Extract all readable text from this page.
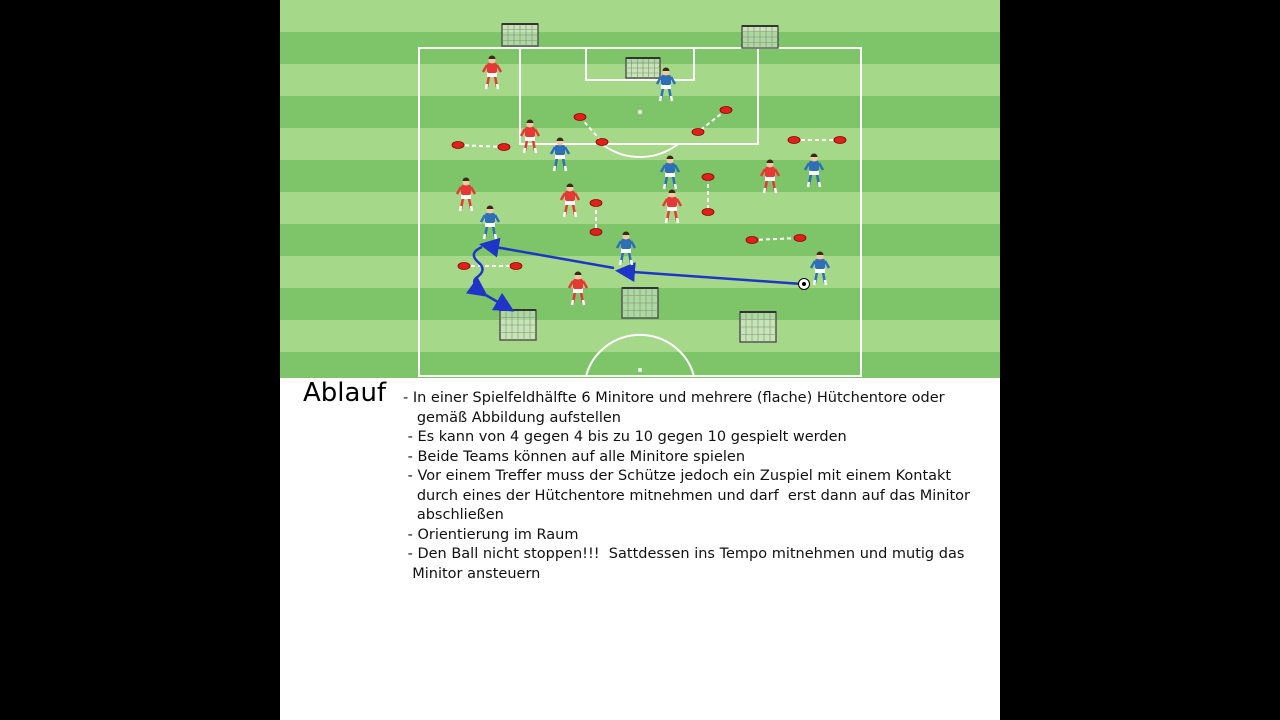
Ablauf - In einer Spielfeldhälfte 6 Minitore und mehrere (flache) Hütchentore oder
gemäß Abbildung aufstellen
- Es kann von 4 gegen 4 bis zu 10 gegen 10 gespielt werden
- Beide Teams können auf alle Minitore spielen
- Vor einem Treffer muss der Schütze jedoch ein Zuspiel mit einem Kontakt
durch eines der Hütchentore mitnehmen und darf  erst dann auf das Minitor
abschließen
- Orientierung im Raum
- Den Ball nicht stoppen!!!  Sattdessen ins Tempo mitnehmen und mutig das
Minitor ansteuern
